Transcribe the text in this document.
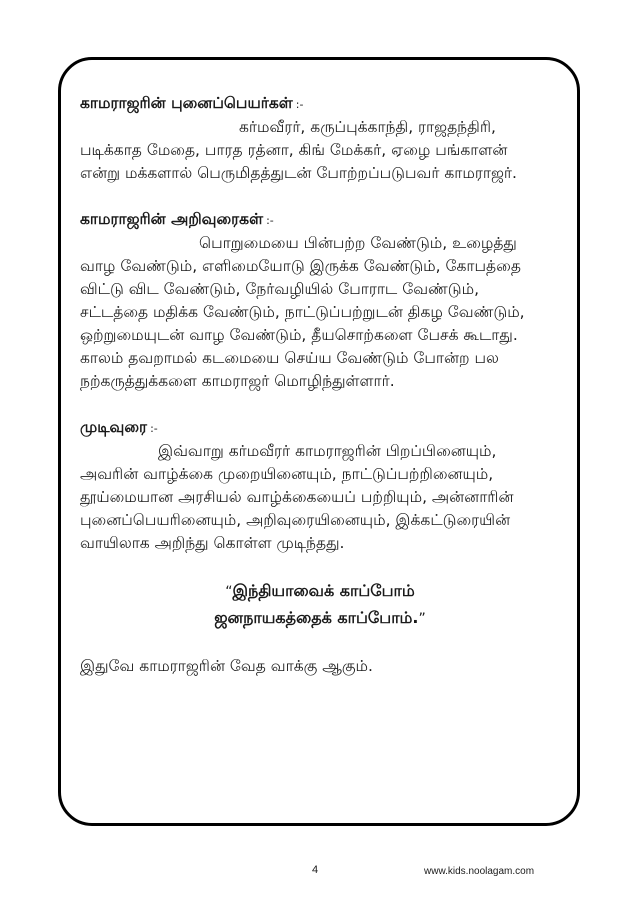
காமராஜரின் புனைப்பெயர்கள் :-
கர்மவீரர், கருப்புக்காந்தி, ராஜதந்திரி,
படிக்காத மேதை, பாரத ரத்னா, கிங் மேக்கர், ஏழை பங்காளன்
என்று மக்களால் பெருமிதத்துடன் போற்றப்படுபவர் காமராஜர்.
காமராஜரின் அறிவுரைகள் :-
பொறுமையை பின்பற்ற வேண்டும், உழைத்து
வாழ வேண்டும், எளிமையோடு இருக்க வேண்டும், கோபத்தை
விட்டு விட வேண்டும், நேர்வழியில் போராட வேண்டும்,
சட்டத்தை மதிக்க வேண்டும், நாட்டுப்பற்றுடன் திகழ வேண்டும்,
ஒற்றுமையுடன் வாழ வேண்டும், தீயசொற்களை பேசக் கூடாது.
காலம் தவறாமல் கடமையை செய்ய வேண்டும் போன்ற பல
நற்கருத்துக்களை காமராஜர் மொழிந்துள்ளார்.
முடிவுரை :-
இவ்வாறு கர்மவீரர் காமராஜரின் பிறப்பினையும்,
அவரின் வாழ்க்கை முறையினையும், நாட்டுப்பற்றினையும்,
தூய்மையான அரசியல் வாழ்க்கையைப் பற்றியும், அன்னாரின்
புனைப்பெயரினையும், அறிவுரையினையும், இக்கட்டுரையின்
வாயிலாக அறிந்து கொள்ள முடிந்தது.
“இந்தியாவைக் காப்போம்
ஜனநாயகத்தைக் காப்போம்.”
இதுவே காமராஜரின் வேத வாக்கு ஆகும்.
4	www.kids.noolagam.com
